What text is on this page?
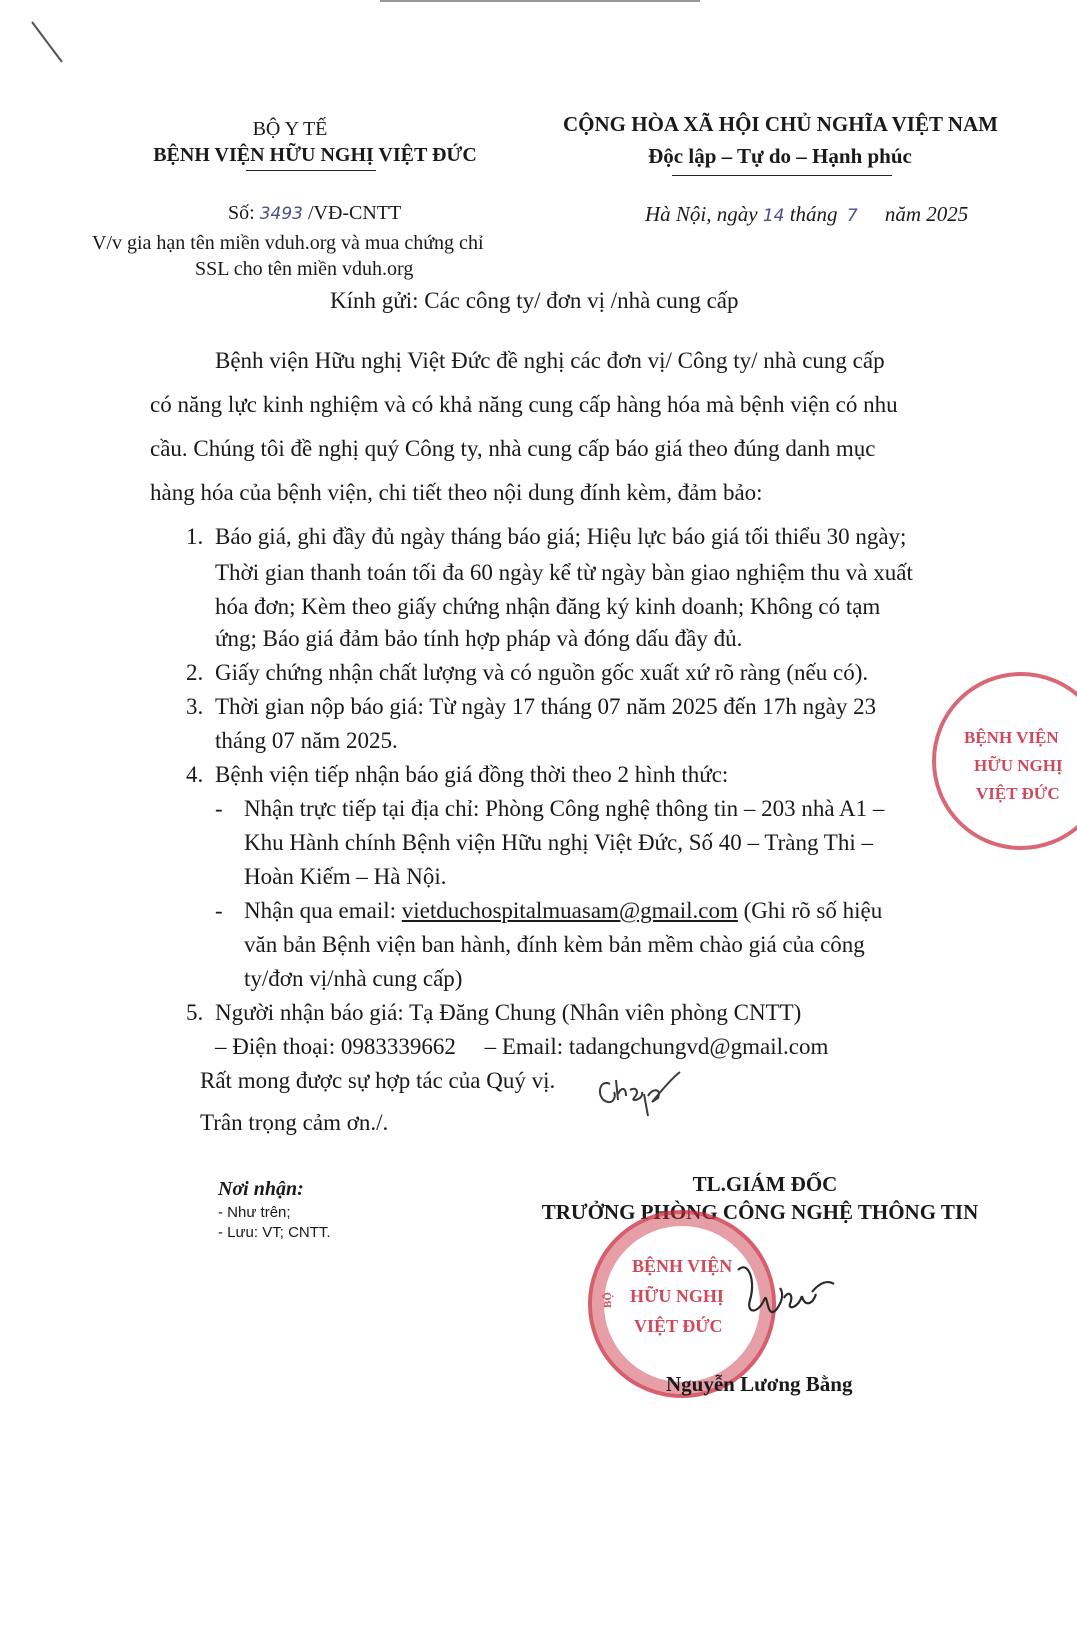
BỘ Y TẾ
BỆNH VIỆN HỮU NGHỊ VIỆT ĐỨC
CỘNG HÒA XÃ HỘI CHỦ NGHĨA VIỆT NAM
Độc lập – Tự do – Hạnh phúc
Số: 3493 /VĐ-CNTT
V/v gia hạn tên miền vduh.org và mua chứng chỉ
SSL cho tên miền vduh.org
Hà Nội, ngày 14 tháng 7 năm 2025
Kính gửi: Các công ty/ đơn vị /nhà cung cấp
Bệnh viện Hữu nghị Việt Đức đề nghị các đơn vị/ Công ty/ nhà cung cấp
có năng lực kinh nghiệm và có khả năng cung cấp hàng hóa mà bệnh viện có nhu
cầu. Chúng tôi đề nghị quý Công ty, nhà cung cấp báo giá theo đúng danh mục
hàng hóa của bệnh viện, chi tiết theo nội dung đính kèm, đảm bảo:
1. Báo giá, ghi đầy đủ ngày tháng báo giá; Hiệu lực báo giá tối thiểu 30 ngày;
Thời gian thanh toán tối đa 60 ngày kể từ ngày bàn giao nghiệm thu và xuất
hóa đơn; Kèm theo giấy chứng nhận đăng ký kinh doanh; Không có tạm
ứng; Báo giá đảm bảo tính hợp pháp và đóng dấu đầy đủ.
2. Giấy chứng nhận chất lượng và có nguồn gốc xuất xứ rõ ràng (nếu có).
3. Thời gian nộp báo giá: Từ ngày 17 tháng 07 năm 2025 đến 17h ngày 23
tháng 07 năm 2025.
4. Bệnh viện tiếp nhận báo giá đồng thời theo 2 hình thức:
- Nhận trực tiếp tại địa chỉ: Phòng Công nghệ thông tin – 203 nhà A1 –
Khu Hành chính Bệnh viện Hữu nghị Việt Đức, Số 40 – Tràng Thi –
Hoàn Kiếm – Hà Nội.
- Nhận qua email: vietduchospitalmuasam@gmail.com (Ghi rõ số hiệu
văn bản Bệnh viện ban hành, đính kèm bản mềm chào giá của công
ty/đơn vị/nhà cung cấp)
5. Người nhận báo giá: Tạ Đăng Chung (Nhân viên phòng CNTT)
– Điện thoại: 0983339662     – Email: tadangchungvd@gmail.com
Rất mong được sự hợp tác của Quý vị.
Trân trọng cảm ơn./.
Nơi nhận:
- Như trên;
- Lưu: VT; CNTT.
TL.GIÁM ĐỐC
TRƯỞNG PHÒNG CÔNG NGHỆ THÔNG TIN
BỆNH VIỆN
HỮU NGHỊ
VIỆT ĐỨC
BỘ
Nguyễn Lương Bằng
BỆNH VIỆN
HỮU NGHỊ
VIỆT ĐỨC
